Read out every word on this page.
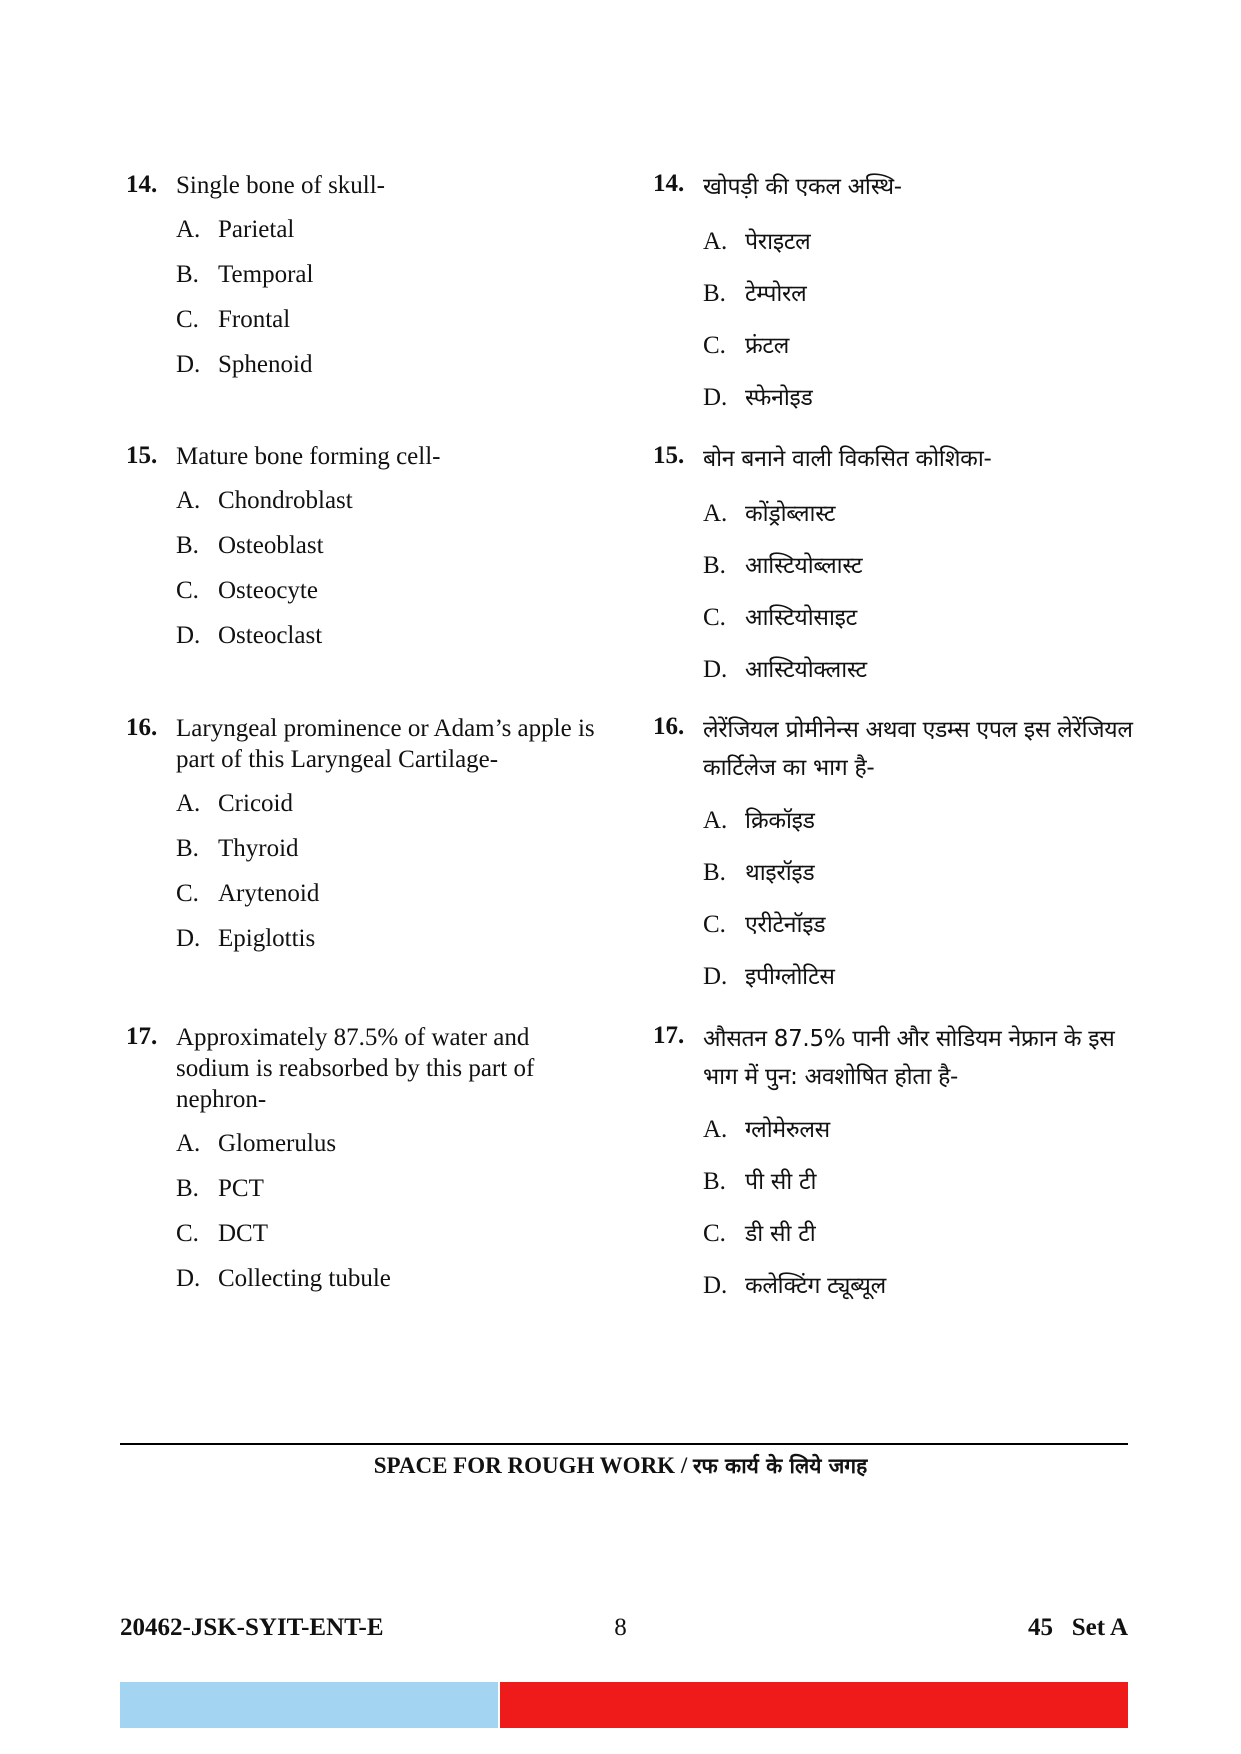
14. Single bone of skull-
A. Parietal
B. Temporal
C. Frontal
D. Sphenoid
15. Mature bone forming cell-
A. Chondroblast
B. Osteoblast
C. Osteocyte
D. Osteoclast
16. Laryngeal prominence or Adam’s apple is part of this Laryngeal Cartilage-
A. Cricoid
B. Thyroid
C. Arytenoid
D. Epiglottis
17. Approximately 87.5% of water and sodium is reabsorbed by this part of nephron-
A. Glomerulus
B. PCT
C. DCT
D. Collecting tubule
14. खोपड़ी की एकल अस्थि-
A. पेराइटल
B. टेम्पोरल
C. फ्रंटल
D. स्फेनोइड
15. बोन बनाने वाली विकसित कोशिका-
A. कोंड्रोब्लास्ट
B. आस्टियोब्लास्ट
C. आस्टियोसाइट
D. आस्टियोक्लास्ट
16. लेरेंजियल प्रोमीनेन्स अथवा एडम्स एपल इस लेरेंजियल कार्टिलेज का भाग है-
A. क्रिकॉइड
B. थाइरॉइड
C. एरीटेनॉइड
D. इपीग्लोटिस
17. औसतन 87.5% पानी और सोडियम नेफ्रान के इस भाग में पुन: अवशोषित होता है-
A. ग्लोमेरुलस
B. पी सी टी
C. डी सी टी
D. कलेक्टिंग ट्यूब्यूल
SPACE FOR ROUGH WORK / रफ कार्य के लिये जगह
20462-JSK-SYIT-ENT-E	8	45   Set A
